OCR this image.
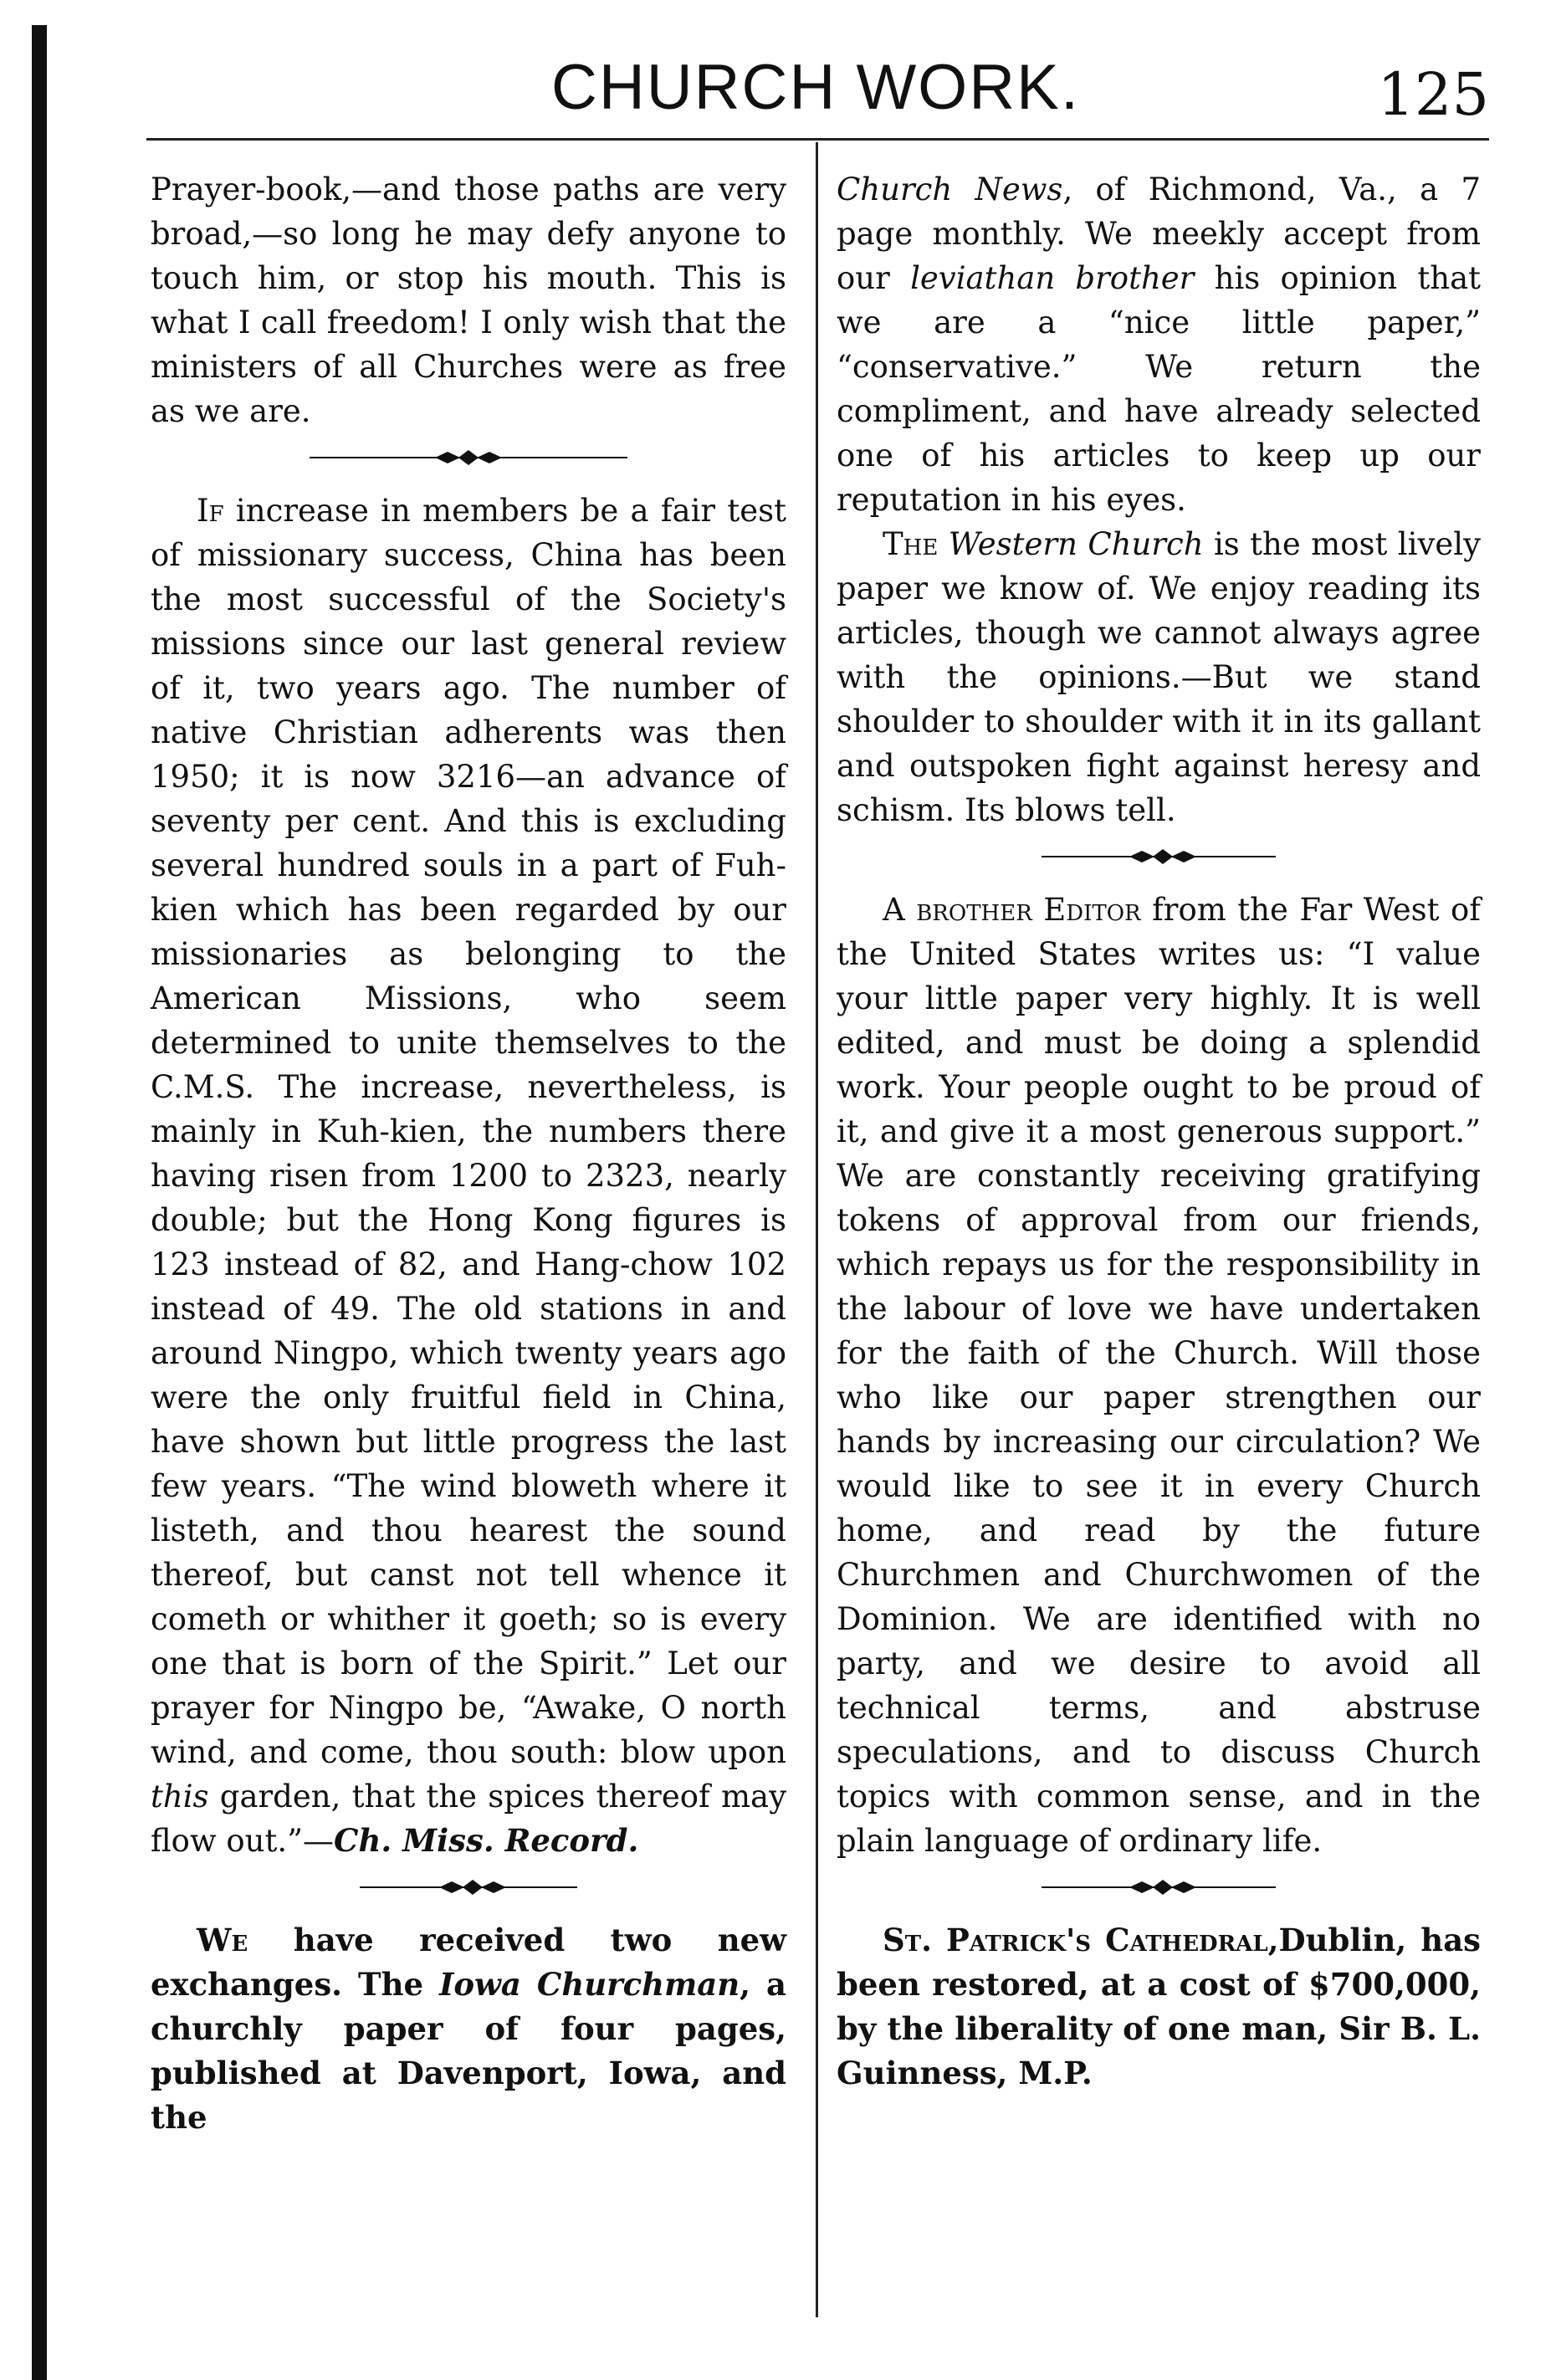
CHURCH WORK.	125

Prayer-book,—and those paths are very broad,—so long he may defy anyone to touch him, or stop his mouth. This is what I call freedom! I only wish that the ministers of all Churches were as free as we are.

If increase in members be a fair test of missionary success, China has been the most successful of the Society's missions since our last general review of it, two years ago. The number of native Christian adherents was then 1950; it is now 3216—an advance of seventy per cent. And this is excluding several hundred souls in a part of Fuh-kien which has been regarded by our missionaries as belonging to the American Missions, who seem determined to unite themselves to the C.M.S. The increase, nevertheless, is mainly in Kuh-kien, the numbers there having risen from 1200 to 2323, nearly double; but the Hong Kong figures is 123 instead of 82, and Hang-chow 102 instead of 49. The old stations in and around Ningpo, which twenty years ago were the only fruitful field in China, have shown but little progress the last few years. “The wind bloweth where it listeth, and thou hearest the sound thereof, but canst not tell whence it cometh or whither it goeth; so is every one that is born of the Spirit.” Let our prayer for Ningpo be, “Awake, O north wind, and come, thou south: blow upon this garden, that the spices thereof may flow out.”—Ch. Miss. Record.

We have received two new exchanges. The Iowa Churchman, a churchly paper of four pages, published at Davenport, Iowa, and the

Church News, of Richmond, Va., a 7 page monthly. We meekly accept from our leviathan brother his opinion that we are a “nice little paper,” “conservative.” We return the compliment, and have already selected one of his articles to keep up our reputation in his eyes.

The Western Church is the most lively paper we know of. We enjoy reading its articles, though we cannot always agree with the opinions.—But we stand shoulder to shoulder with it in its gallant and outspoken fight against heresy and schism. Its blows tell.

A brother Editor from the Far West of the United States writes us: “I value your little paper very highly. It is well edited, and must be doing a splendid work. Your people ought to be proud of it, and give it a most generous support.” We are constantly receiving gratifying tokens of approval from our friends, which repays us for the responsibility in the labour of love we have undertaken for the faith of the Church. Will those who like our paper strengthen our hands by increasing our circulation? We would like to see it in every Church home, and read by the future Churchmen and Churchwomen of the Dominion. We are identified with no party, and we desire to avoid all technical terms, and abstruse speculations, and to discuss Church topics with common sense, and in the plain language of ordinary life.

St. Patrick's Cathedral,Dublin, has been restored, at a cost of $700,000, by the liberality of one man, Sir B. L. Guinness, M.P.
